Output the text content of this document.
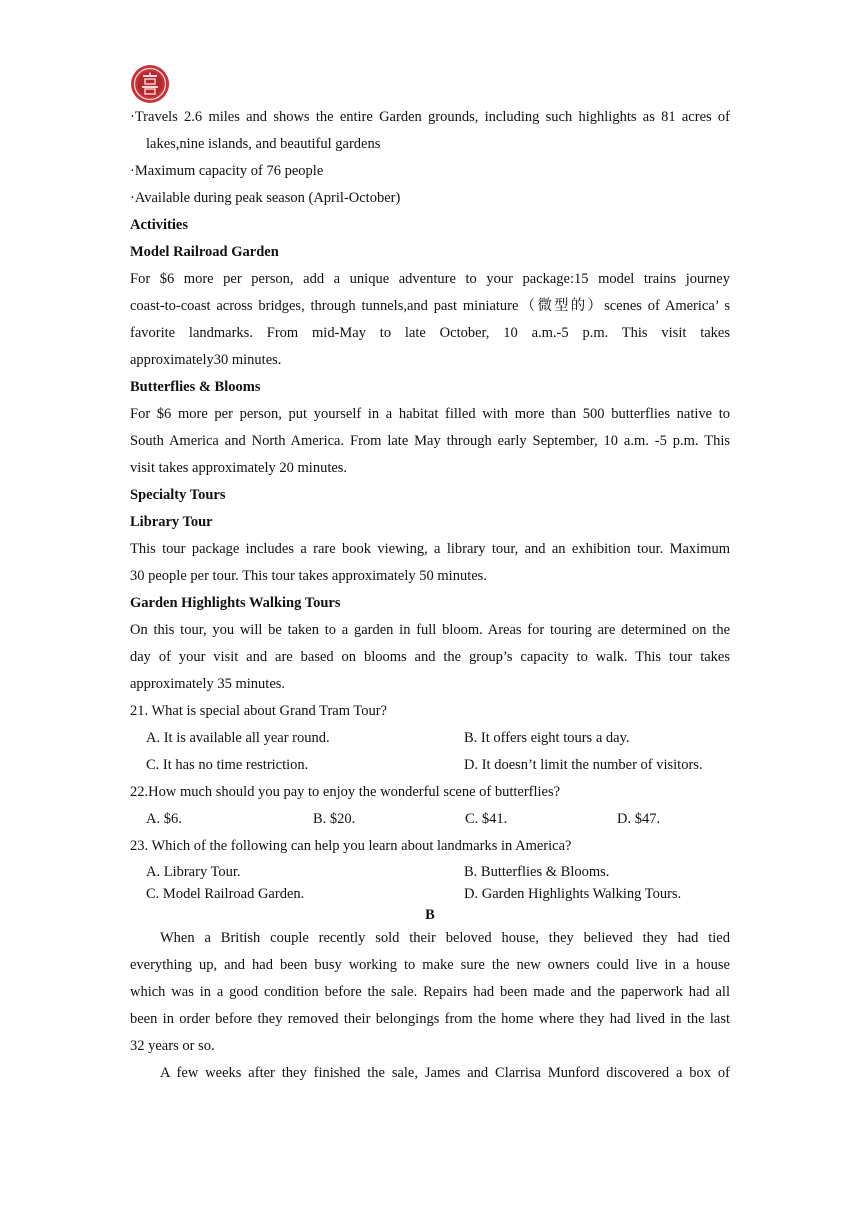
·Travels 2.6 miles and shows the entire Garden grounds, including such highlights as 81 acres of
lakes,nine islands, and beautiful gardens
·Maximum capacity of 76 people
·Available during peak season (April-October)
Activities
Model Railroad Garden
For $6 more per person, add a unique adventure to your package:15 model trains journey
coast-to-coast across bridges, through tunnels,and past miniature（微型的）scenes of America’ s
favorite landmarks. From mid-May to late October, 10 a.m.-5 p.m. This visit takes
approximately30 minutes.
Butterflies & Blooms
For $6 more per person, put yourself in a habitat filled with more than 500 butterflies native to
South America and North America. From late May through early September, 10 a.m. -5 p.m. This
visit takes approximately 20 minutes.
Specialty Tours
Library Tour
This tour package includes a rare book viewing, a library tour, and an exhibition tour. Maximum
30 people per tour. This tour takes approximately 50 minutes.
Garden Highlights Walking Tours
On this tour, you will be taken to a garden in full bloom. Areas for touring are determined on the
day of your visit and are based on blooms and the group’s capacity to walk. This tour takes
approximately 35 minutes.
21. What is special about Grand Tram Tour?
A. It is available all year round.	B. It offers eight tours a day.
C. It has no time restriction.	D. It doesn’t limit the number of visitors.
22.How much should you pay to enjoy the wonderful scene of butterflies?
A. $6.	B. $20.	C. $41.	D. $47.
23. Which of the following can help you learn about landmarks in America?
A. Library Tour.	B. Butterflies & Blooms.
C. Model Railroad Garden.	D. Garden Highlights Walking Tours.
B
When a British couple recently sold their beloved house, they believed they had tied
everything up, and had been busy working to make sure the new owners could live in a house
which was in a good condition before the sale. Repairs had been made and the paperwork had all
been in order before they removed their belongings from the home where they had lived in the last
32 years or so.
A few weeks after they finished the sale, James and Clarrisa Munford discovered a box of
